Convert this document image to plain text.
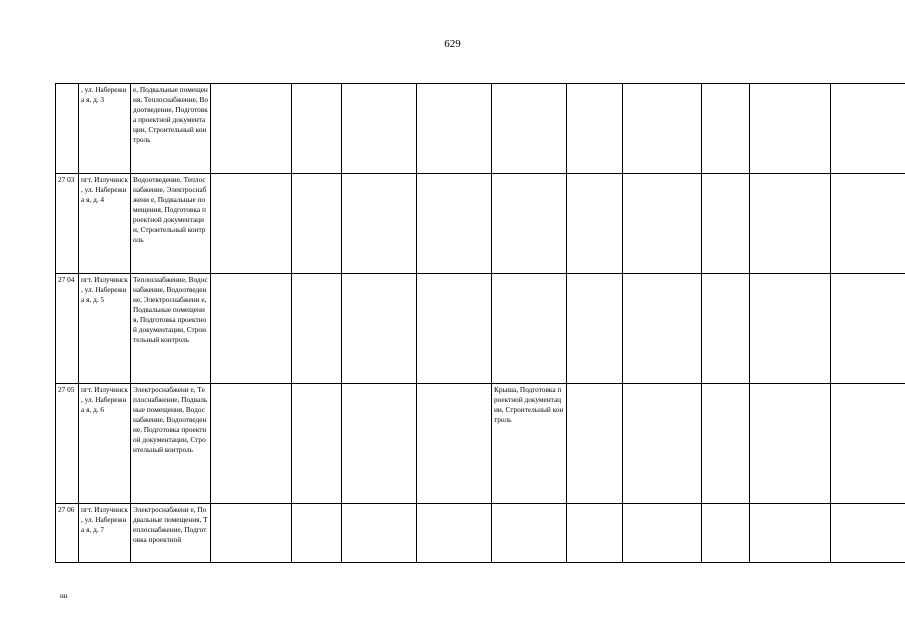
629
	, ул. Набережна я, д. 3	е, Подвальные помещения, Теплоснабжение, Водоотведение, Подготовка проектной документации, Строительный контроль										
27 03	пгт. Излучинск , ул. Набережна я, д. 4	Водоотведение, Теплоснабжение, Электроснабжени е, Подвальные помещения, Подготовка проектной документации, Строительный контроль										
27 04	пгт. Излучинск , ул. Набережна я, д. 5	Теплоснабжение, Водоснабжение, Водоотведение, Электроснабжени е, Подвальные помещения, Подготовка проектной документации, Строительный контроль										
27 05	пгт. Излучинск , ул. Набережна я, д. 6	Электроснабжени е, Теплоснабжение, Подвальные помещения, Водоснабжение, Водоотведение, Подготовка проектной документации, Строительный контроль					Крыша, Подготовка проектной документации, Строительный контроль					
27 06	пгт. Излучинск , ул. Набережна я, д. 7	Электроснабжени е, Подвальные помещения, Теплоснабжение, Подготовка проектной										
нн
